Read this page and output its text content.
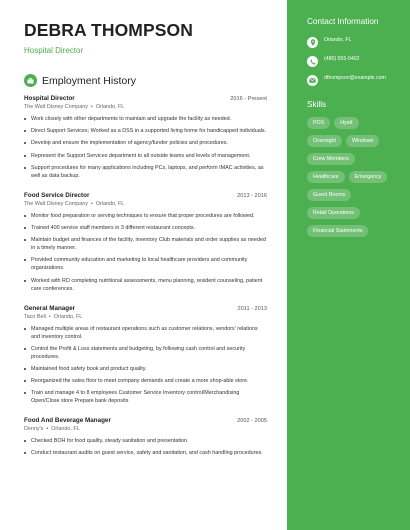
DEBRA THOMPSON
Hospital Director
Employment History
Hospital Director	2016 - Present
The Walt Disney Company • Orlando, FL
Work closely with other departments to maintain and upgrade the facility as needed.
Direct Support Services; Worked as a DSS in a supported living home for handicapped individuals.
Develop and ensure the implementation of agency/funder policies and procedures.
Represent the Support Services department to all outside teams and levels of management.
Support procedures for many applications including PCs, laptops, and perform IMAC activities, as well as data backup.
Food Service Director	2013 - 2016
The Walt Disney Company • Orlando, FL
Monitor food preparation or serving techniques to ensure that proper procedures are followed.
Trained 400 service staff members in 3 different restaurant concepts.
Maintain budget and finances of the facility, inventory Club materials and order supplies as needed in a timely manner.
Provided community education and marketing to local healthcare providers and community organizations.
Worked with RD completing nutritional assessments, menu planning, resident counseling, patient care conferences.
General Manager	2011 - 2013
Taco Bell • Orlando, FL
Managed multiple areas of restaurant operations such as customer relations, vendors' relations and inventory control.
Control the Profit & Loss statements and budgeting, by following cash control and security procedures.
Maintained food safety book and product quality.
Reorganized the sales floor to meet company demands and create a more shop-able store.
Train and manage 4 to 8 employees Customer Service Inventory control/Merchandising Open/Close store Prepare bank deposits
Food And Beverage Manager	2002 - 2005
Denny's • Orlando, FL
Checked BOH for food quality, steady sanitation and presentation.
Conduct restaurant audits on guest service, safety and sanitation, and cash handling procedures.
Contact Information
Orlando, FL
(480) 555-0402
dthompson@example.com
Skills
POS	Hyatt
Overnight	Windows
Crew Members
Healthcare	Emergency
Guest Rooms
Retail Operations
Financial Statements
